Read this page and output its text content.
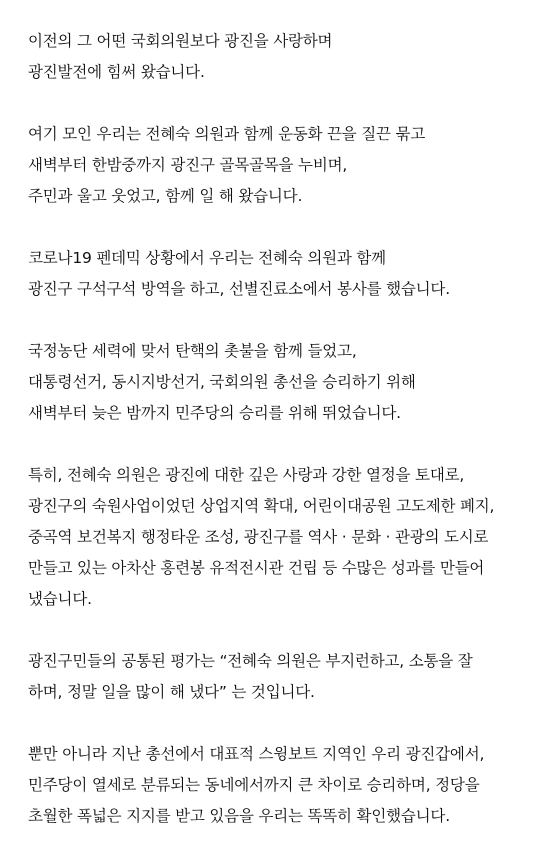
이전의 그 어떤 국회의원보다 광진을 사랑하며
광진발전에 힘써 왔습니다.
여기 모인 우리는 전혜숙 의원과 함께 운동화 끈을 질끈 묶고
새벽부터 한밤중까지 광진구 골목골목을 누비며,
주민과 울고 웃었고, 함께 일 해 왔습니다.
코로나19 펜데믹 상황에서 우리는 전혜숙 의원과 함께
광진구 구석구석 방역을 하고, 선별진료소에서 봉사를 했습니다.
국정농단 세력에 맞서 탄핵의 촛불을 함께 들었고,
대통령선거, 동시지방선거, 국회의원 총선을 승리하기 위해
새벽부터 늦은 밤까지 민주당의 승리를 위해 뛰었습니다.
특히, 전혜숙 의원은 광진에 대한 깊은 사랑과 강한 열정을 토대로,
광진구의 숙원사업이었던 상업지역 확대, 어린이대공원 고도제한 폐지,
중곡역 보건복지 행정타운 조성, 광진구를 역사 · 문화 · 관광의 도시로
만들고 있는 아차산 홍련봉 유적전시관 건립 등 수많은 성과를 만들어
냈습니다.
광진구민들의 공통된 평가는 “전혜숙 의원은 부지런하고, 소통을 잘
하며, 정말 일을 많이 해 냈다” 는 것입니다.
뿐만 아니라 지난 총선에서 대표적 스윙보트 지역인 우리 광진갑에서,
민주당이 열세로 분류되는 동네에서까지 큰 차이로 승리하며, 정당을
초월한 폭넓은 지지를 받고 있음을 우리는 똑똑히 확인했습니다.
